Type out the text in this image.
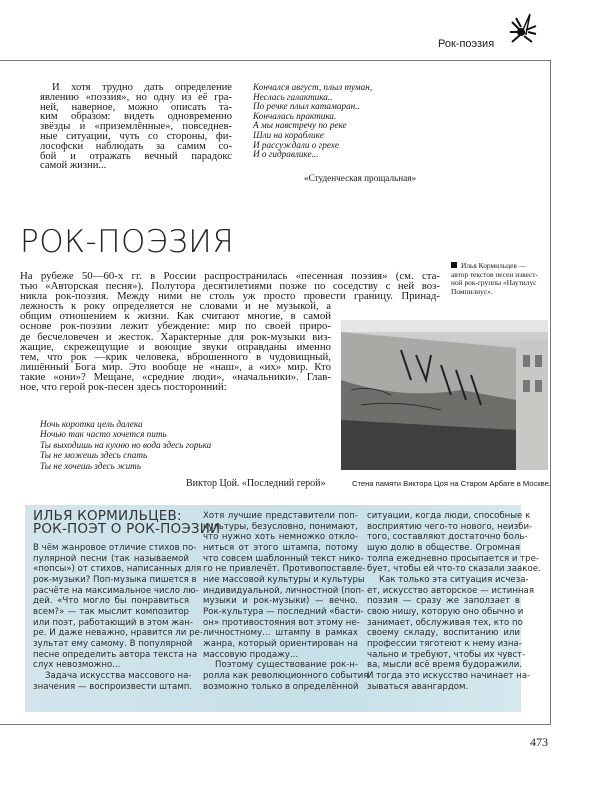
Рок-поэзия
И хотя трудно дать определение
явлению «поэзия», но одну из её гра-
ней, наверное, можно описать та-
ким образом: видеть одновременно
звёзды и «приземлённые», повседнев-
ные ситуации, чуть со стороны, фи-
лософски наблюдать за самим со-
бой и отражать вечный парадокс
самой жизни...
Кончался август, плыл туман,
Неслась галактика..
По речке плыл катамаран..
Кончалась практика.
А мы навстречу по реке
Шли на кораблике
И рассуждали о грехе
И о гидравлике...
«Студенческая прощальная»
РОК-ПОЭЗИЯ
На рубеже 50—60-х гг. в России распространилась «песенная поэзия» (см. ста-
тью «Авторская песня»). Полутора десятилетиями позже по соседству с ней воз-
никла рок-поэзия. Между ними не столь уж просто провести границу. Принад-
лежность к року определяется не словами и не музыкой, а
общим отношением к жизни. Как считают многие, в самой
основе рок-поэзии лежит убеждение: мир по своей приро-
де бесчеловечен и жесток. Характерные для рок-музыки виз-
жащие, скрежещущие и воющие звуки оправданы именно
тем, что рок —крик человека, вброшенного в чудовищный,
лишённый Бога мир. Это вообще не «наш», а «их» мир. Кто
такие «они»? Мещане, «средние люди», «начальники». Глав-
ное, что герой рок-песен здесь посторонний:
Ночь коротка цель далека
Ночью так часто хочется пить
Ты выходишь на кухню но вода здесь горька
Ты не можешь здесь спать
Ты не хочешь здесь жить
Виктор Цой. «Последний герой»
Илья Кормильцев —
автор текстов песен извест-
ной рок-группы «Наутилус
Помпилиус».
Стена памяти Виктора Цоя на Старом Арбате в Москве.
ИЛЬЯ КОРМИЛЬЦЕВ:
РОК-ПОЭТ О РОК-ПОЭЗИИ
В чём жанровое отличие стихов по-
пулярной песни (так называемой
«попсы») от стихов, написанных для
рок-музыки? Поп-музыка пишется в
расчёте на максимальное число лю-
дей. «Что могло бы понравиться
всем?» — так мыслит композитор
или поэт, работающий в этом жан-
ре. И даже неважно, нравится ли ре-
зультат ему самому. В популярной
песне определить автора текста на
слух невозможно...
Задача искусства массового на-
значения — воспроизвести штамп.
Хотя лучшие представители поп-
культуры, безусловно, понимают,
что нужно хоть немножко откло-
ниться от этого штампа, потому
что совсем шаблонный текст нико-
го не привлечёт. Противопоставле-
ние массовой культуры и культуры
индивидуальной, личностной (поп-
музыки и рок-музыки) — вечно.
Рок-культура — последний «басти-
он» противостояния вот этому не-
личностному... штампу в рамках
жанра, который ориентирован на
массовую продажу...
Поэтому существование рок-н-
ролла как революционного события
возможно только в определённой
ситуации, когда люди, способные к
восприятию чего-то нового, неизби-
того, составляют достаточно боль-
шую долю в обществе. Огромная
толпа ежедневно просыпается и тре-
бует, чтобы ей что-то сказали заакое.
Как только эта ситуация исчеза-
ет, искусство авторское — истинная
поэзия — сразу же заползает в
свою нишу, которую оно обычно и
занимает, обслуживая тех, кто по
своему складу, воспитанию или
профессии тяготеют к нему изна-
чально и требуют, чтобы их чувст-
ва, мысли всё время будоражили.
И тогда это искусство начинает на-
зываться авангардом.
473
